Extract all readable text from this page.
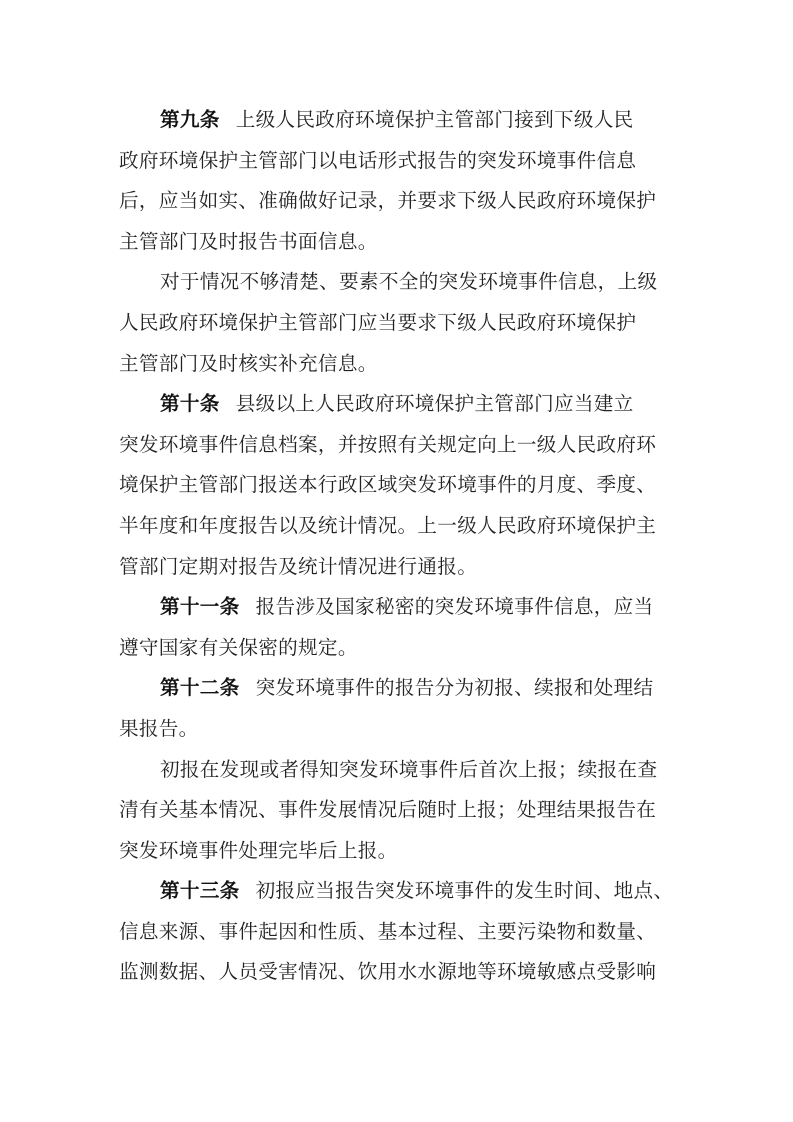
第九条 上级人民政府环境保护主管部门接到下级人民
政府环境保护主管部门以电话形式报告的突发环境事件信息
后，应当如实、准确做好记录，并要求下级人民政府环境保护
主管部门及时报告书面信息。
对于情况不够清楚、要素不全的突发环境事件信息，上级
人民政府环境保护主管部门应当要求下级人民政府环境保护
主管部门及时核实补充信息。
第十条 县级以上人民政府环境保护主管部门应当建立
突发环境事件信息档案，并按照有关规定向上一级人民政府环
境保护主管部门报送本行政区域突发环境事件的月度、季度、
半年度和年度报告以及统计情况。上一级人民政府环境保护主
管部门定期对报告及统计情况进行通报。
第十一条 报告涉及国家秘密的突发环境事件信息，应当
遵守国家有关保密的规定。
第十二条 突发环境事件的报告分为初报、续报和处理结
果报告。
初报在发现或者得知突发环境事件后首次上报；续报在查
清有关基本情况、事件发展情况后随时上报；处理结果报告在
突发环境事件处理完毕后上报。
第十三条 初报应当报告突发环境事件的发生时间、地点、
信息来源、事件起因和性质、基本过程、主要污染物和数量、
监测数据、人员受害情况、饮用水水源地等环境敏感点受影响
